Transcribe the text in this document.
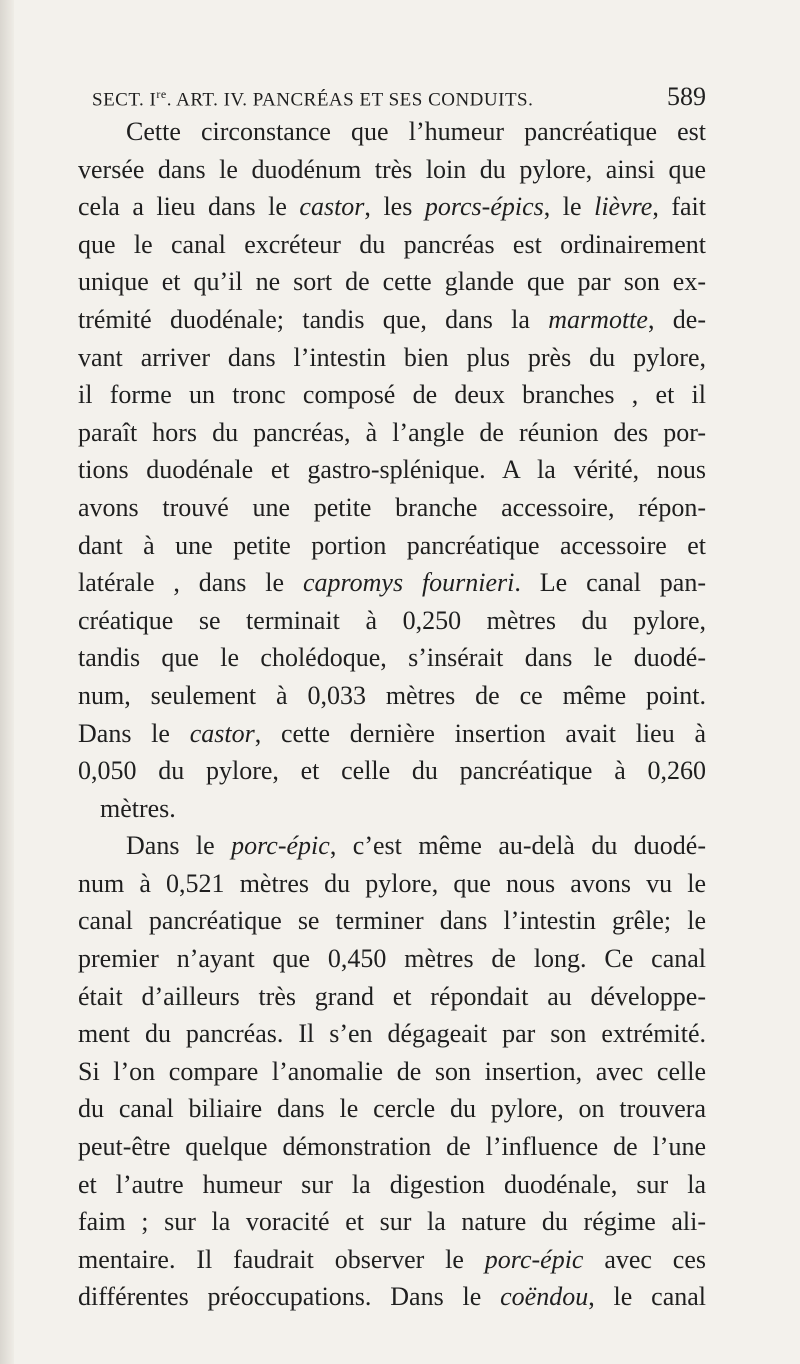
SECT. Ire. ART. IV. PANCRÉAS ET SES CONDUITS.	589
Cette circonstance que l’humeur pancréatique est
versée dans le duodénum très loin du pylore, ainsi que
cela a lieu dans le castor, les porcs-épics, le lièvre, fait
que le canal excréteur du pancréas est ordinairement
unique et qu’il ne sort de cette glande que par son ex-
trémité duodénale; tandis que, dans la marmotte, de-
vant arriver dans l’intestin bien plus près du pylore,
il forme un tronc composé de deux branches , et il
paraît hors du pancréas, à l’angle de réunion des por-
tions duodénale et gastro-splénique. A la vérité, nous
avons trouvé une petite branche accessoire, répon-
dant à une petite portion pancréatique accessoire et
latérale , dans le capromys fournieri. Le canal pan-
créatique se terminait à 0,250 mètres du pylore,
tandis que le cholédoque, s’insérait dans le duodé-
num, seulement à 0,033 mètres de ce même point.
Dans le castor, cette dernière insertion avait lieu à
0,050 du pylore, et celle du pancréatique à 0,260
mètres.
Dans le porc-épic, c’est même au-delà du duodé-
num à 0,521 mètres du pylore, que nous avons vu le
canal pancréatique se terminer dans l’intestin grêle; le
premier n’ayant que 0,450 mètres de long. Ce canal
était d’ailleurs très grand et répondait au développe-
ment du pancréas. Il s’en dégageait par son extrémité.
Si l’on compare l’anomalie de son insertion, avec celle
du canal biliaire dans le cercle du pylore, on trouvera
peut-être quelque démonstration de l’influence de l’une
et l’autre humeur sur la digestion duodénale, sur la
faim ; sur la voracité et sur la nature du régime ali-
mentaire. Il faudrait observer le porc-épic avec ces
différentes préoccupations. Dans le coëndou, le canal
